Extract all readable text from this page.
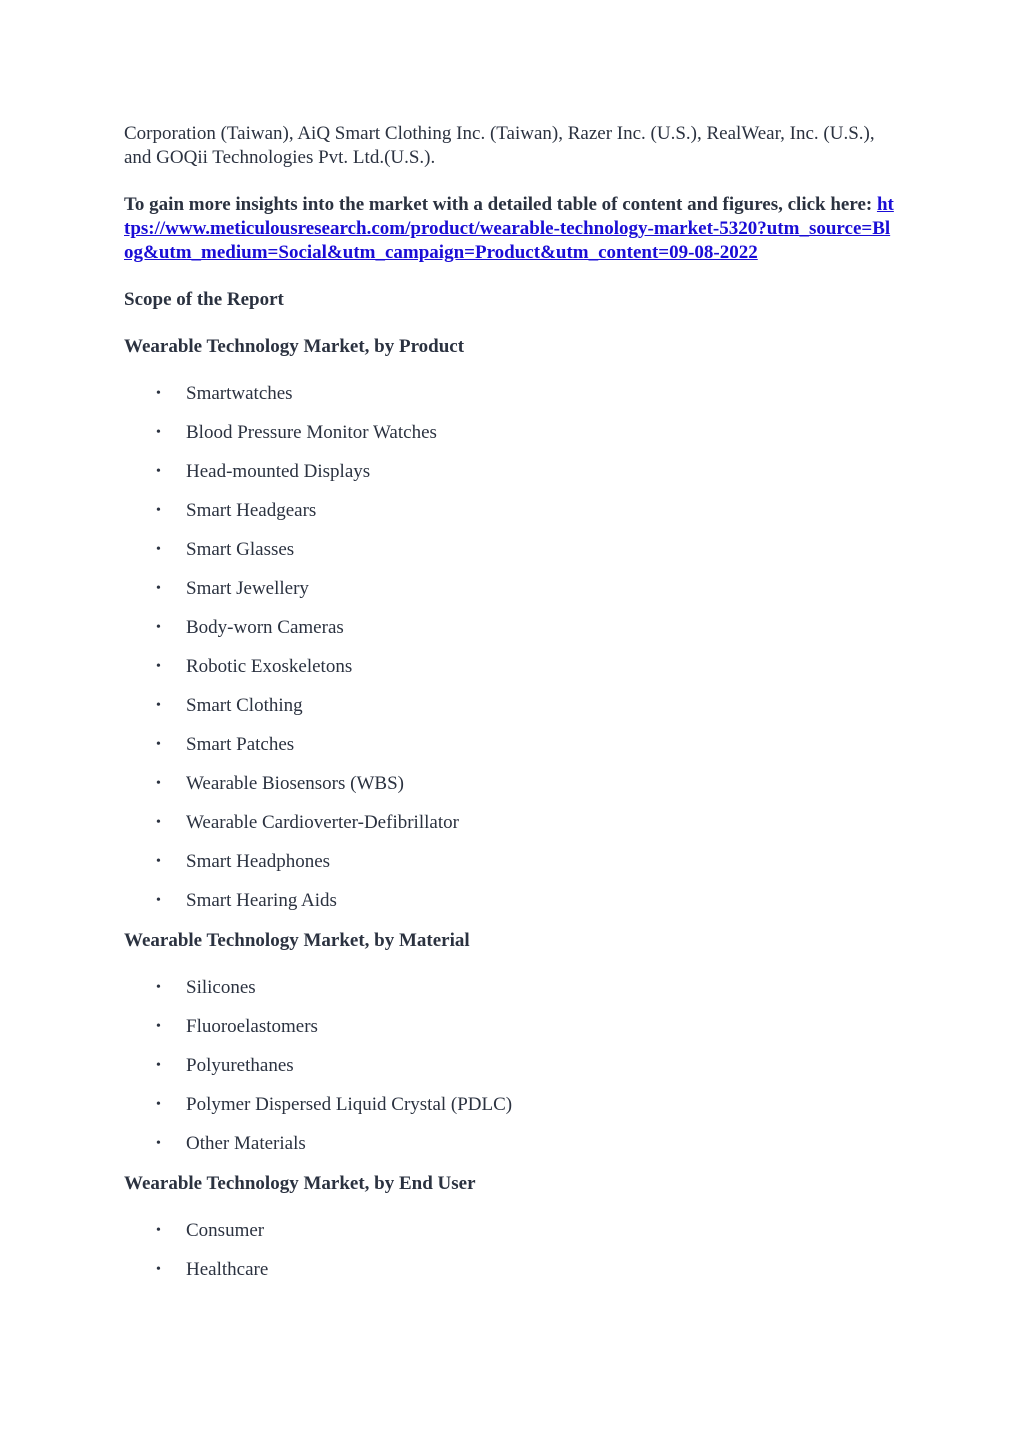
Corporation (Taiwan), AiQ Smart Clothing Inc. (Taiwan), Razer Inc. (U.S.), RealWear, Inc. (U.S.), and GOQii Technologies Pvt. Ltd.(U.S.).

To gain more insights into the market with a detailed table of content and figures, click here: https://www.meticulousresearch.com/product/wearable-technology-market-5320?utm_source=Blog&utm_medium=Social&utm_campaign=Product&utm_content=09-08-2022

Scope of the Report

Wearable Technology Market, by Product

• Smartwatches
• Blood Pressure Monitor Watches
• Head-mounted Displays
• Smart Headgears
• Smart Glasses
• Smart Jewellery
• Body-worn Cameras
• Robotic Exoskeletons
• Smart Clothing
• Smart Patches
• Wearable Biosensors (WBS)
• Wearable Cardioverter-Defibrillator
• Smart Headphones
• Smart Hearing Aids

Wearable Technology Market, by Material

• Silicones
• Fluoroelastomers
• Polyurethanes
• Polymer Dispersed Liquid Crystal (PDLC)
• Other Materials

Wearable Technology Market, by End User

• Consumer
• Healthcare
